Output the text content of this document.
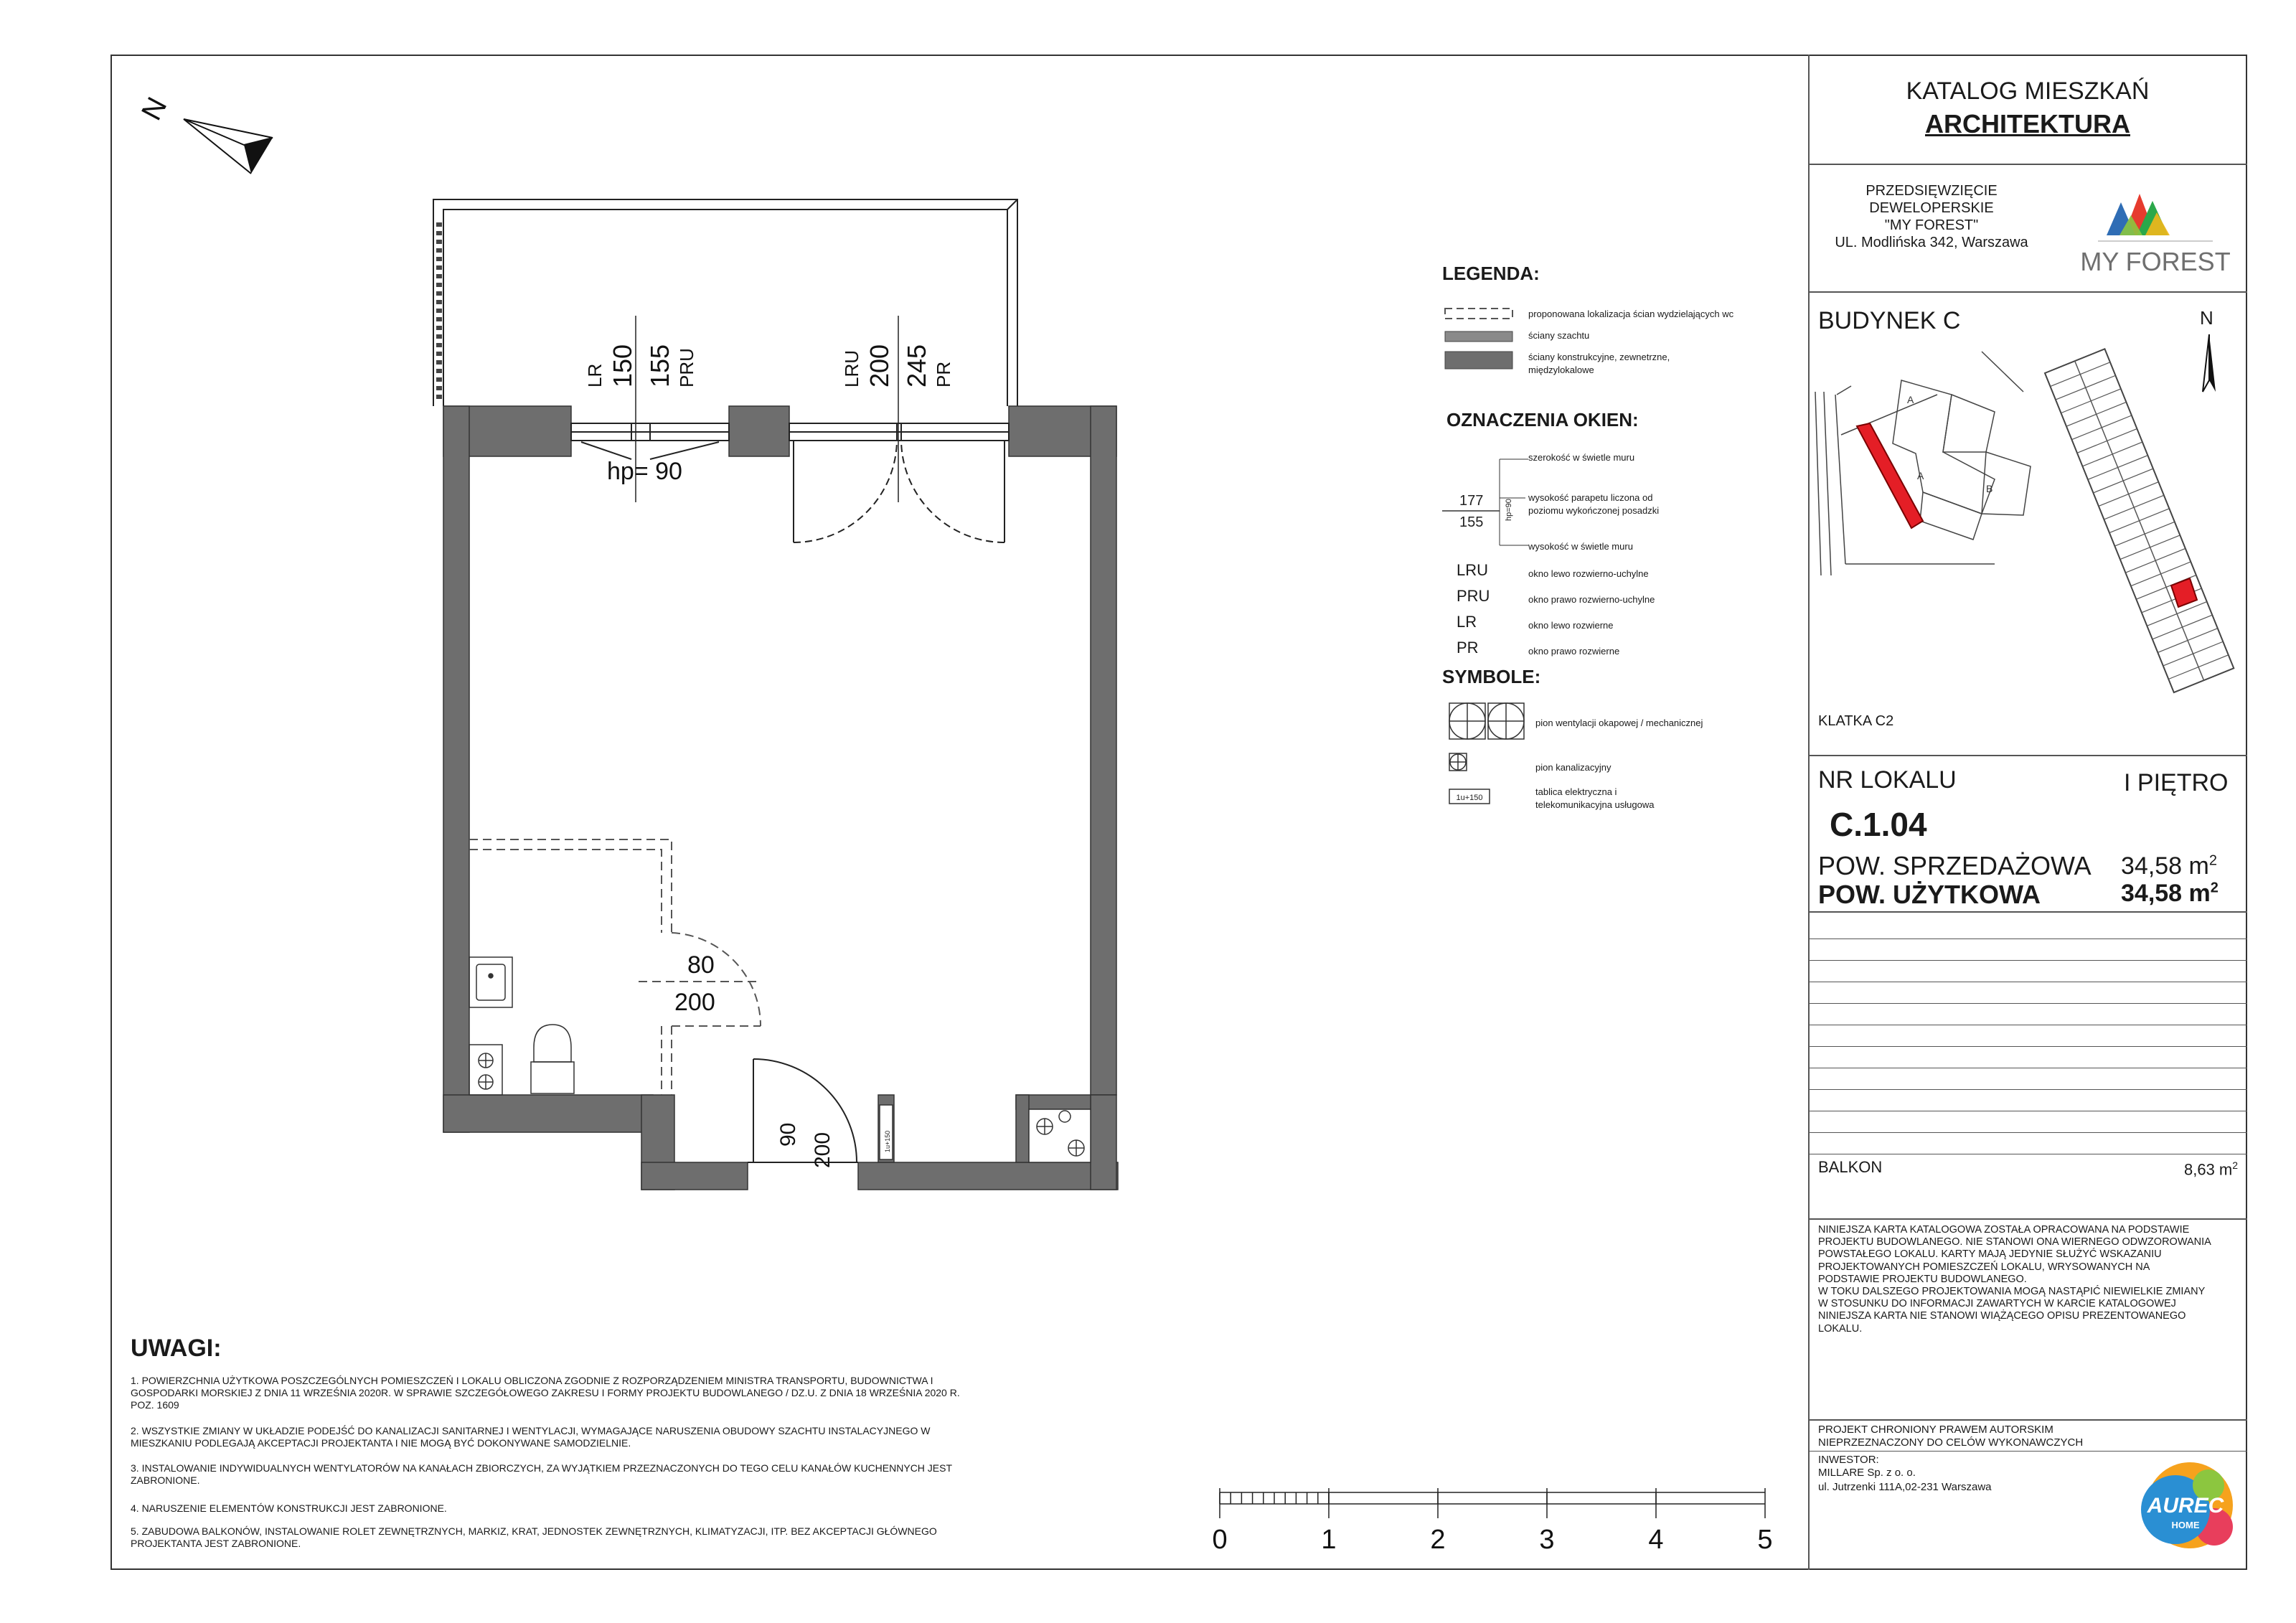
KATALOG MIESZKAŃ
ARCHITEKTURA
PRZEDSIĘWZIĘCIE
DEWELOPERSKIE
"MY FOREST"
UL. Modlińska 342, Warszawa
MY FOREST
BUDYNEK C	N
A
A
B
KLATKA C2
NR LOKALU	I PIĘTRO
C.1.04
POW. SPRZEDAŻOWA 34,58 $m^2$
POW. UŻYTKOWA	34,58 $m^2$
BALKON	8,63 $m^2$
NINIEJSZA KARTA KATALOGOWA ZOSTAŁA OPRACOWANA NA PODSTAWIE
PROJEKTU BUDOWLANEGO. NIE STANOWI ONA WIERNEGO ODWZOROWANIA
POWSTAŁEGO LOKALU. KARTY MAJĄ JEDYNIE SŁUŻYĆ WSKAZANIU
PROJEKTOWANYCH POMIESZCZEŃ LOKALU, WRYSOWANYCH NA
PODSTAWIE PROJEKTU BUDOWLANEGO.
W TOKU DALSZEGO PROJEKTOWANIA MOGĄ NASTĄPIĆ NIEWIELKIE ZMIANY
W STOSUNKU DO INFORMACJI ZAWARTYCH W KARCIE KATALOGOWEJ
NINIEJSZA KARTA NIE STANOWI WIĄŻĄCEGO OPISU PREZENTOWANEGO
LOKALU.
PROJEKT CHRONIONY PRAWEM AUTORSKIM
NIEPRZEZNACZONY DO CELÓW WYKONAWCZYCH
INWESTOR:
MILLARE Sp. z o. o.
ul. Jutrzenki 111A,02-231 Warszawa
AUREC
HOME
LEGENDA:
proponowana lokalizacja ścian wydzielających wc
ściany szachtu
ściany konstrukcyjne, zewnetrzne,
międzylokalowe
OZNACZENIA OKIEN:
szerokość w świetle muru
177
155
hp=90
wysokość parapetu liczona od
poziomu wykończonej posadzki
wysokość w świetle muru
LRU	okno lewo rozwierno-uchylne
PRU	okno prawo rozwierno-uchylne
LR	okno lewo rozwierne
PR	okno prawo rozwierne
SYMBOLE:
1u+150
pion wentylacji okapowej / mechanicznej
pion kanalizacyjny
tablica elektryczna i
telekomunikacyjna usługowa
N
LR 150 155 PRU
hp= 90
LRU 200 245 PR
80
200
90 200	1u+150
0	1	2	3	4	5
UWAGI:
1. POWIERZCHNIA UŻYTKOWA POSZCZEGÓLNYCH POMIESZCZEŃ I LOKALU OBLICZONA ZGODNIE Z ROZPORZĄDZENIEM MINISTRA TRANSPORTU, BUDOWNICTWA I GOSPODARKI MORSKIEJ Z DNIA 11 WRZEŚNIA 2020R. W SPRAWIE SZCZEGÓŁOWEGO ZAKRESU I FORMY PROJEKTU BUDOWLANEGO / DZ.U. Z DNIA 18 WRZEŚNIA 2020 R. POZ. 1609
2. WSZYSTKIE ZMIANY W UKŁADZIE PODEJŚĆ DO KANALIZACJI SANITARNEJ I WENTYLACJI, WYMAGAJĄCE NARUSZENIA OBUDOWY SZACHTU INSTALACYJNEGO W MIESZKANIU PODLEGAJĄ AKCEPTACJI PROJEKTANTA I NIE MOGĄ BYĆ DOKONYWANE SAMODZIELNIE.
3. INSTALOWANIE INDYWIDUALNYCH WENTYLATORÓW NA KANAŁACH ZBIORCZYCH, ZA WYJĄTKIEM PRZEZNACZONYCH DO TEGO CELU KANAŁÓW KUCHENNYCH JEST ZABRONIONE.
4. NARUSZENIE ELEMENTÓW KONSTRUKCJI JEST ZABRONIONE.
5. ZABUDOWA BALKONÓW, INSTALOWANIE ROLET ZEWNĘTRZNYCH, MARKIZ, KRAT, JEDNOSTEK ZEWNĘTRZNYCH, KLIMATYZACJI, ITP. BEZ AKCEPTACJI GŁÓWNEGO PROJEKTANTA JEST ZABRONIONE.
